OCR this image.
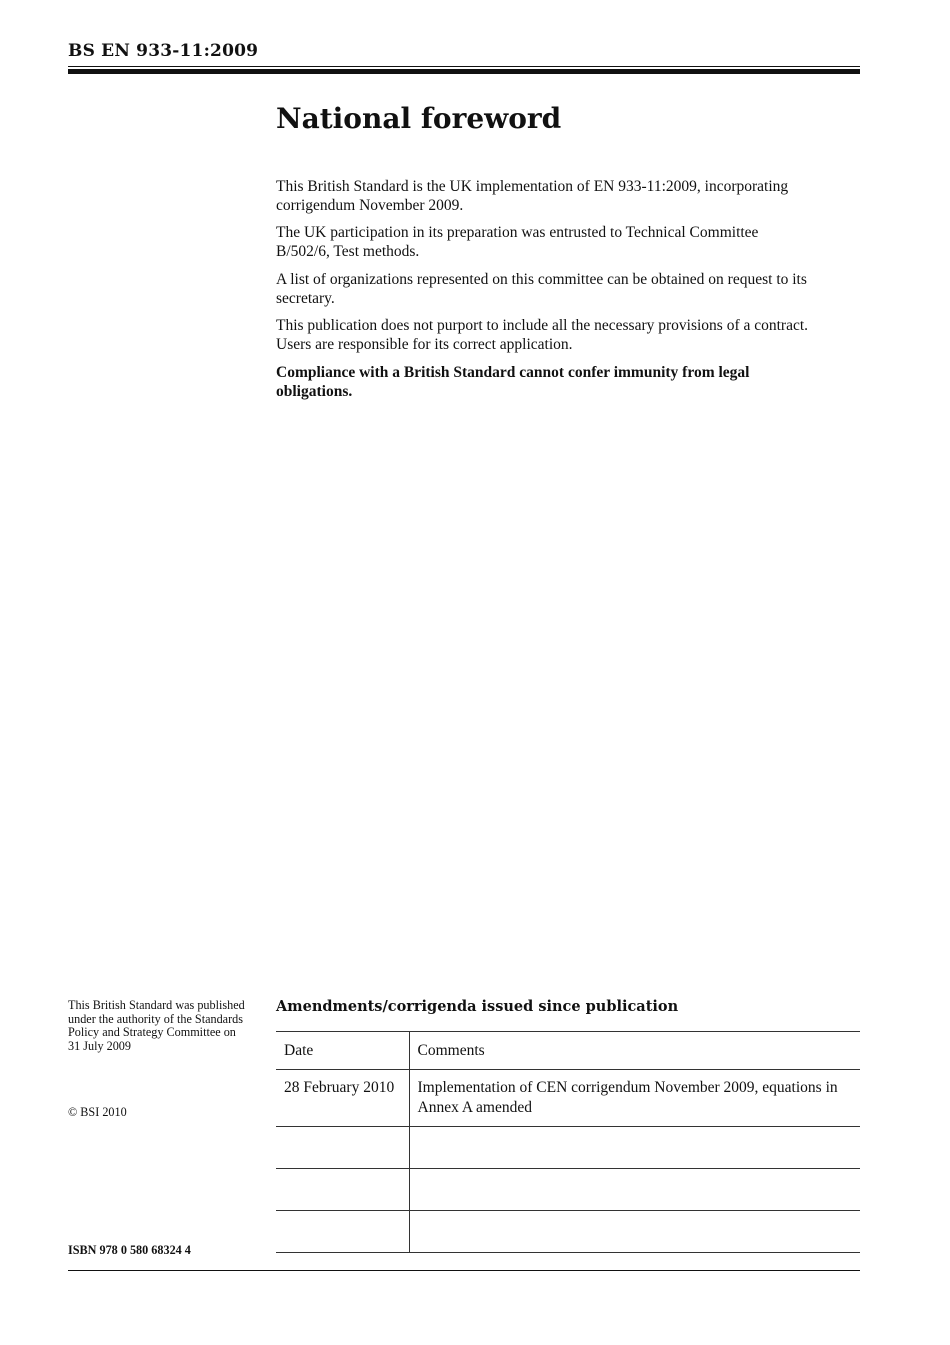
BS EN 933-11:2009
National foreword

This British Standard is the UK implementation of EN 933-11:2009, incorporating corrigendum November 2009.

The UK participation in its preparation was entrusted to Technical Committee B/502/6, Test methods.

A list of organizations represented on this committee can be obtained on request to its secretary.

This publication does not purport to include all the necessary provisions of a contract. Users are responsible for its correct application.

Compliance with a British Standard cannot confer immunity from legal obligations.

This British Standard was published under the authority of the Standards Policy and Strategy Committee on 31 July 2009
© BSI 2010
ISBN 978 0 580 68324 4
Amendments/corrigenda issued since publication
Date	Comments
28 February 2010	Implementation of CEN corrigendum November 2009, equations in Annex A amended
